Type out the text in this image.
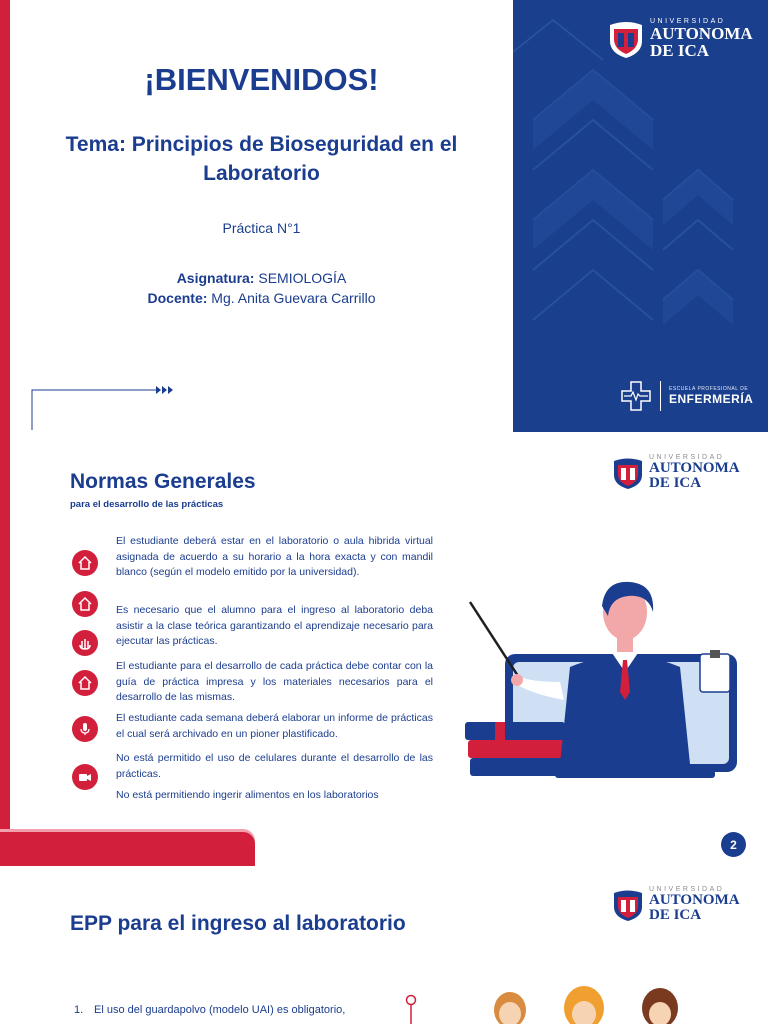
¡BIENVENIDOS!
Tema: Principios de Bioseguridad en el Laboratorio
Práctica N°1
Asignatura: SEMIOLOGÍA
Docente: Mg. Anita Guevara Carrillo
UNIVERSIDAD
AUTONOMA
DE ICA
ESCUELA PROFESIONAL DE
ENFERMERÍA
Normas Generales
para el desarrollo de las prácticas
UNIVERSIDAD
AUTONOMA
DE ICA
El estudiante deberá estar en el laboratorio o aula hibrida virtual asignada de acuerdo a su horario a la hora exacta y con mandil blanco (según el modelo emitido por la universidad).
Es necesario que el alumno para el ingreso al laboratorio deba asistir a la clase teórica garantizando el aprendizaje necesario para ejecutar las prácticas.
El estudiante para el desarrollo de cada práctica debe contar con la guía de práctica impresa y los materiales necesarios para el desarrollo de las mismas.
El estudiante cada semana deberá elaborar un informe de prácticas el cual será archivado en un pioner plastificado.
No está permitido el uso de celulares durante el desarrollo de las prácticas.
No está permitiendo ingerir alimentos en los laboratorios
2
UNIVERSIDAD
AUTONOMA
DE ICA
EPP para el ingreso al laboratorio
1. El uso del guardapolvo (modelo UAI) es obligatorio,
